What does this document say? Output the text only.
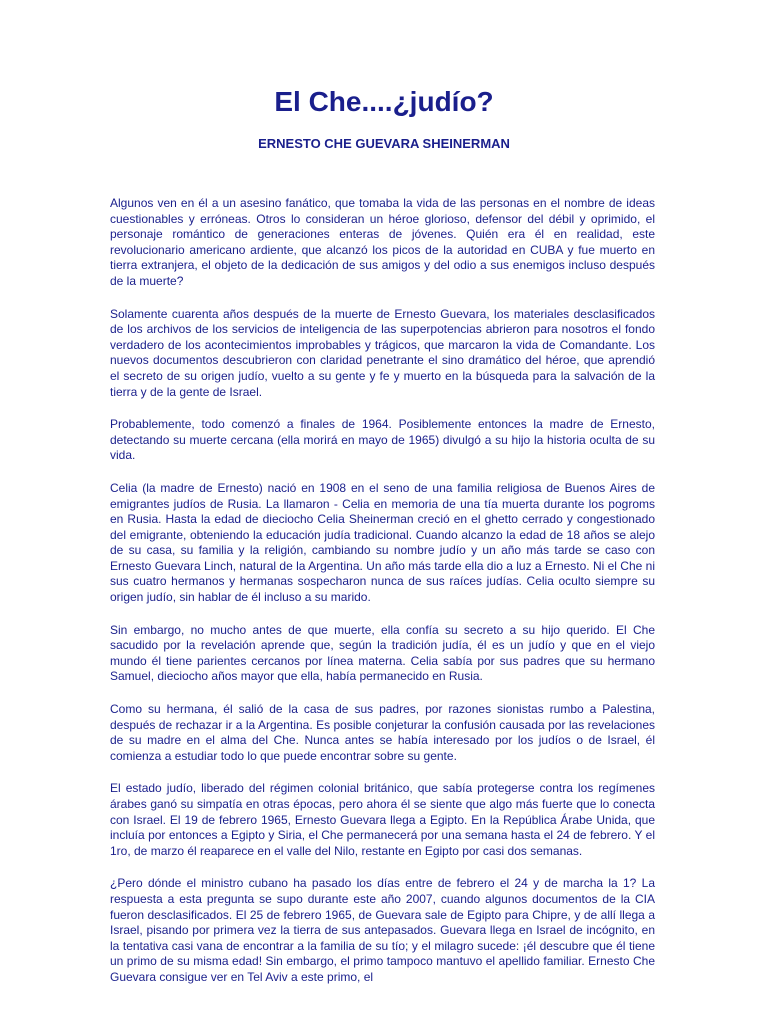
El Che....¿judío?
ERNESTO CHE GUEVARA SHEINERMAN

Algunos ven en él a un asesino fanático, que tomaba la vida de las personas en el nombre de ideas cuestionables y erróneas. Otros lo consideran un héroe glorioso, defensor del débil y oprimido, el personaje romántico de generaciones enteras de jóvenes. Quién era él en realidad, este revolucionario americano ardiente, que alcanzó los picos de la autoridad en CUBA y fue muerto en tierra extranjera, el objeto de la dedicación de sus amigos y del odio a sus enemigos incluso después de la muerte?

Solamente cuarenta años después de la muerte de Ernesto Guevara, los materiales desclasificados de los archivos de los servicios de inteligencia de las superpotencias abrieron para nosotros el fondo verdadero de los acontecimientos improbables y trágicos, que marcaron la vida de Comandante. Los nuevos documentos descubrieron con claridad penetrante el sino dramático del héroe, que aprendió el secreto de su origen judío, vuelto a su gente y fe y muerto en la búsqueda para la salvación de la tierra y de la gente de Israel.

Probablemente, todo comenzó a finales de 1964. Posiblemente entonces la madre de Ernesto, detectando su muerte cercana (ella morirá en mayo de 1965) divulgó a su hijo la historia oculta de su vida.

Celia (la madre de Ernesto) nació en 1908 en el seno de una familia religiosa de Buenos Aires de emigrantes judíos de Rusia. La llamaron - Celia en memoria de una tía muerta durante los pogroms en Rusia. Hasta la edad de dieciocho Celia Sheinerman creció en el ghetto cerrado y congestionado del emigrante, obteniendo la educación judía tradicional. Cuando alcanzo la edad de 18 años se alejo de su casa, su familia y la religión, cambiando su nombre judío y un año más tarde se caso con Ernesto Guevara Linch, natural de la Argentina. Un año más tarde ella dio a luz a Ernesto. Ni el Che ni sus cuatro hermanos y hermanas sospecharon nunca de sus raíces judías. Celia oculto siempre su origen judío, sin hablar de él incluso a su marido.

Sin embargo, no mucho antes de que muerte, ella confía su secreto a su hijo querido. El Che sacudido por la revelación aprende que, según la tradición judía, él es un judío y que en el viejo mundo él tiene parientes cercanos por línea materna. Celia sabía por sus padres que su hermano Samuel, dieciocho años mayor que ella, había permanecido en Rusia.

Como su hermana, él salió de la casa de sus padres, por razones sionistas rumbo a Palestina, después de rechazar ir a la Argentina. Es posible conjeturar la confusión causada por las revelaciones de su madre en el alma del Che. Nunca antes se había interesado por los judíos o de Israel, él comienza a estudiar todo lo que puede encontrar sobre su gente.

El estado judío, liberado del régimen colonial británico, que sabía protegerse contra los regímenes árabes ganó su simpatía en otras épocas, pero ahora él se siente que algo más fuerte que lo conecta con Israel. El 19 de febrero 1965, Ernesto Guevara llega a Egipto. En la República Árabe Unida, que incluía por entonces a Egipto y Siria, el Che permanecerá por una semana hasta el 24 de febrero. Y el 1ro, de marzo él reaparece en el valle del Nilo, restante en Egipto por casi dos semanas.

¿Pero dónde el ministro cubano ha pasado los días entre de febrero el 24 y de marcha la 1? La respuesta a esta pregunta se supo durante este año 2007, cuando algunos documentos de la CIA fueron desclasificados. El 25 de febrero 1965, de Guevara sale de Egipto para Chipre, y de allí llega a Israel, pisando por primera vez la tierra de sus antepasados. Guevara llega en Israel de incógnito, en la tentativa casi vana de encontrar a la familia de su tío; y el milagro sucede: ¡él descubre que él tiene un primo de su misma edad! Sin embargo, el primo tampoco mantuvo el apellido familiar. Ernesto Che Guevara consigue ver en Tel Aviv a este primo, el
